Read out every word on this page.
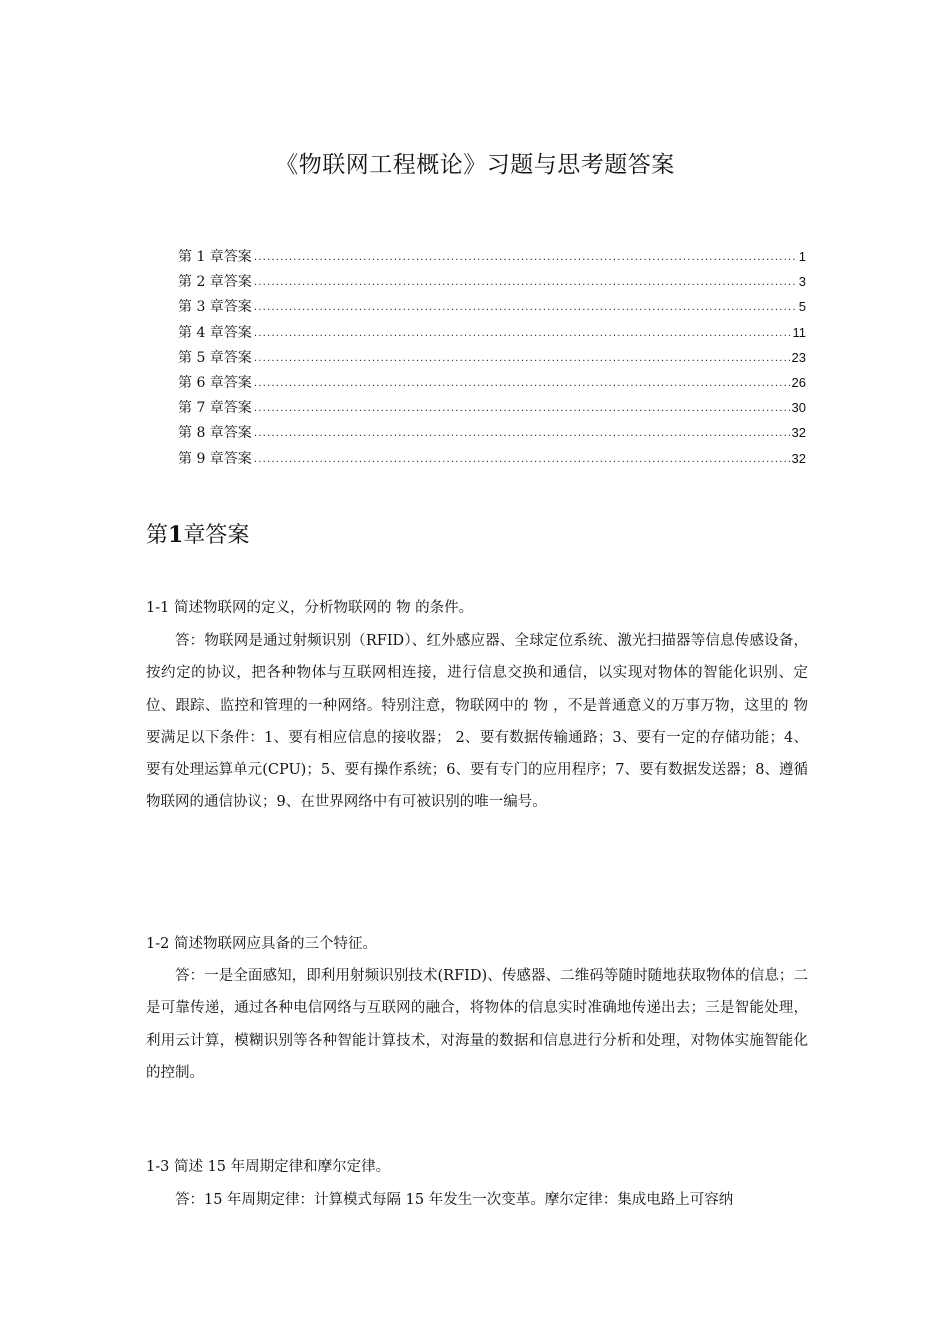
《物联网工程概论》习题与思考题答案
第 1 章答案 .....	1
第 2 章答案 .....	3
第 3 章答案 .....	5
第 4 章答案 .....	11
第 5 章答案 .....	23
第 6 章答案 .....	26
第 7 章答案 .....	30
第 8 章答案 .....	32
第 9 章答案 .....	32
第1章答案
1-1 简述物联网的定义，分析物联网的 物 的条件。
答：物联网是通过射频识别（RFID）、红外感应器、全球定位系统、激光扫描器等信息传感设备，按约定的协议，把各种物体与互联网相连接，进行信息交换和通信，以实现对物体的智能化识别、定位、跟踪、监控和管理的一种网络。特别注意，物联网中的 物 ，不是普通意义的万事万物，这里的 物 要满足以下条件：1、要有相应信息的接收器； 2、要有数据传输通路；3、要有一定的存储功能；4、要有处理运算单元(CPU)；5、要有操作系统；6、要有专门的应用程序；7、要有数据发送器；8、遵循物联网的通信协议；9、在世界网络中有可被识别的唯一编号。
1-2 简述物联网应具备的三个特征。
答：一是全面感知，即利用射频识别技术(RFID)、传感器、二维码等随时随地获取物体的信息；二是可靠传递，通过各种电信网络与互联网的融合，将物体的信息实时准确地传递出去；三是智能处理，利用云计算，模糊识别等各种智能计算技术，对海量的数据和信息进行分析和处理，对物体实施智能化的控制。
1-3 简述 15 年周期定律和摩尔定律。
答：15 年周期定律：计算模式每隔 15 年发生一次变革。摩尔定律：集成电路上可容纳
